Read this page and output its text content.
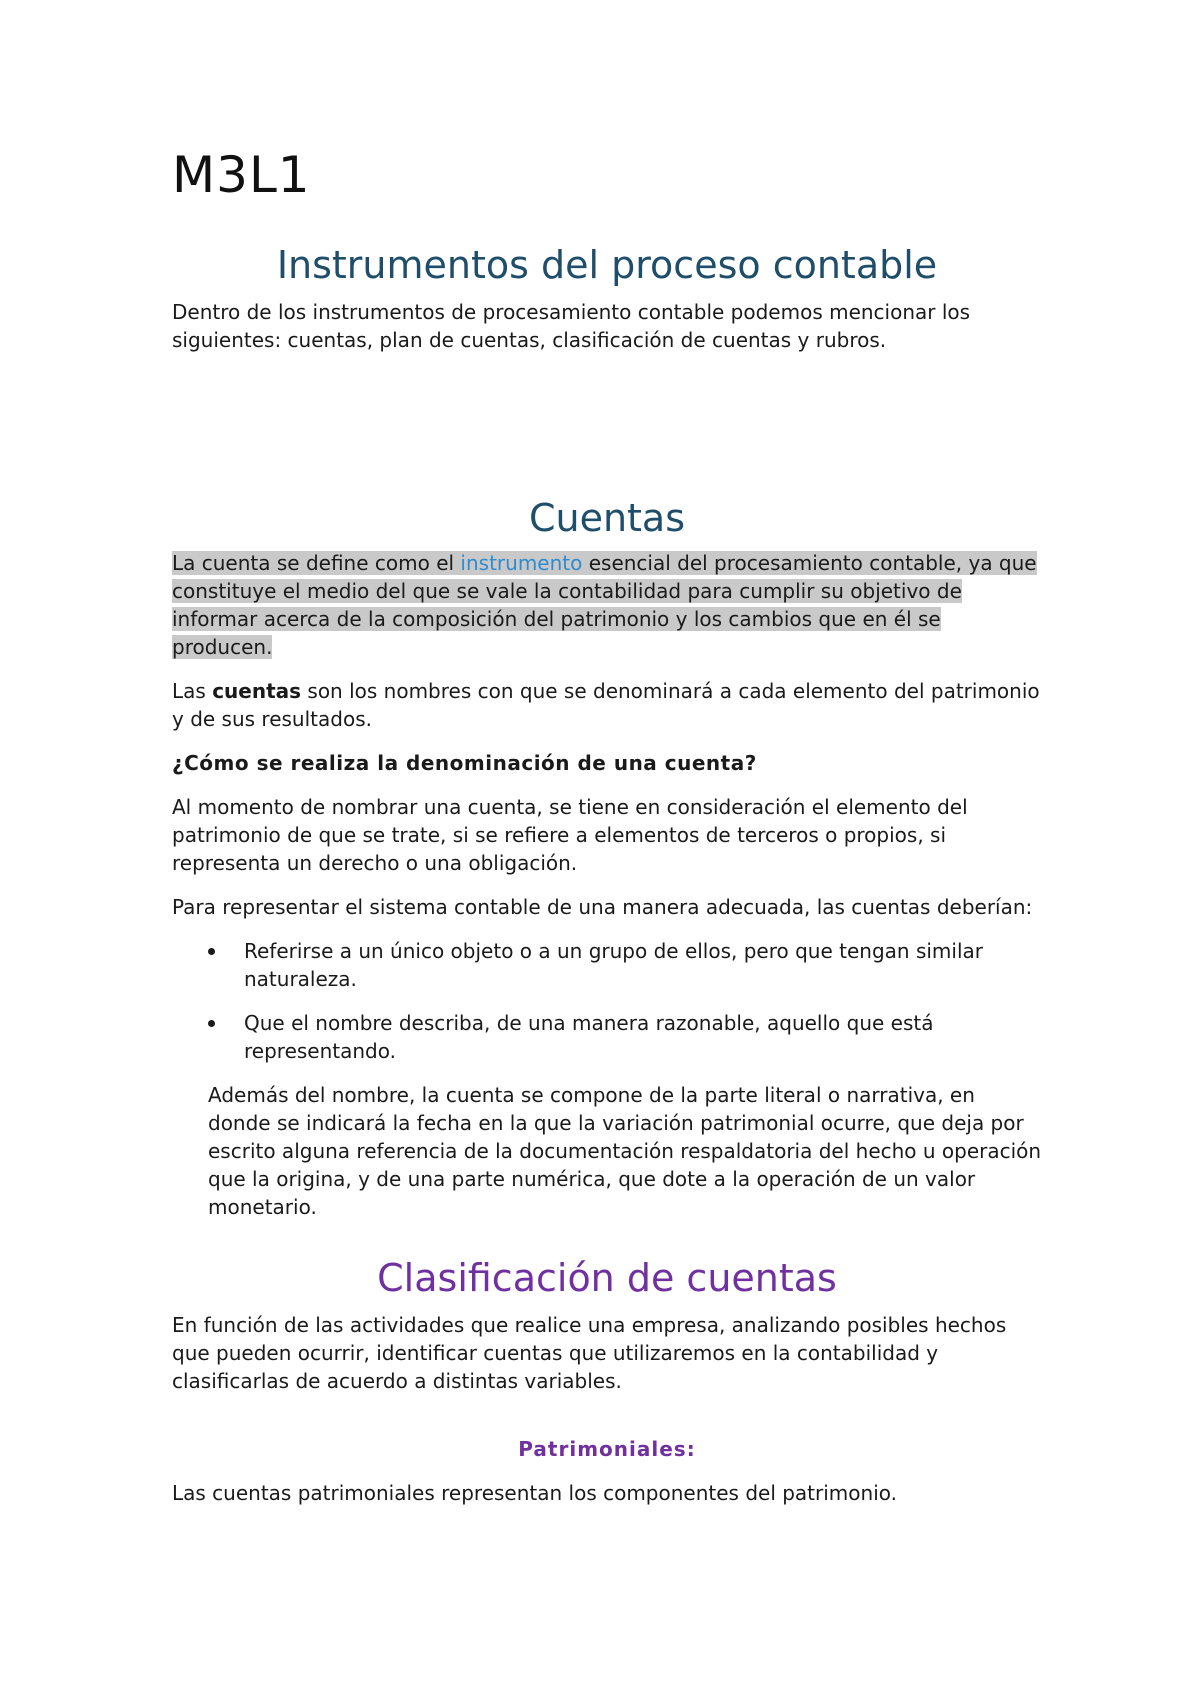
M3L1
Instrumentos del proceso contable

Dentro de los instrumentos de procesamiento contable podemos mencionar los siguientes: cuentas, plan de cuentas, clasificación de cuentas y rubros.

Cuentas

La cuenta se define como el instrumento esencial del procesamiento contable, ya que constituye el medio del que se vale la contabilidad para cumplir su objetivo de informar acerca de la composición del patrimonio y los cambios que en él se producen.

Las cuentas son los nombres con que se denominará a cada elemento del patrimonio y de sus resultados.

¿Cómo se realiza la denominación de una cuenta?

Al momento de nombrar una cuenta, se tiene en consideración el elemento del patrimonio de que se trate, si se refiere a elementos de terceros o propios, si representa un derecho o una obligación.

Para representar el sistema contable de una manera adecuada, las cuentas deberían:

Referirse a un único objeto o a un grupo de ellos, pero que tengan similar naturaleza.
Que el nombre describa, de una manera razonable, aquello que está representando.

Además del nombre, la cuenta se compone de la parte literal o narrativa, en donde se indicará la fecha en la que la variación patrimonial ocurre, que deja por escrito alguna referencia de la documentación respaldatoria del hecho u operación que la origina, y de una parte numérica, que dote a la operación de un valor monetario.

Clasificación de cuentas

En función de las actividades que realice una empresa, analizando posibles hechos que pueden ocurrir, identificar cuentas que utilizaremos en la contabilidad y clasificarlas de acuerdo a distintas variables.

Patrimoniales:

Las cuentas patrimoniales representan los componentes del patrimonio.
